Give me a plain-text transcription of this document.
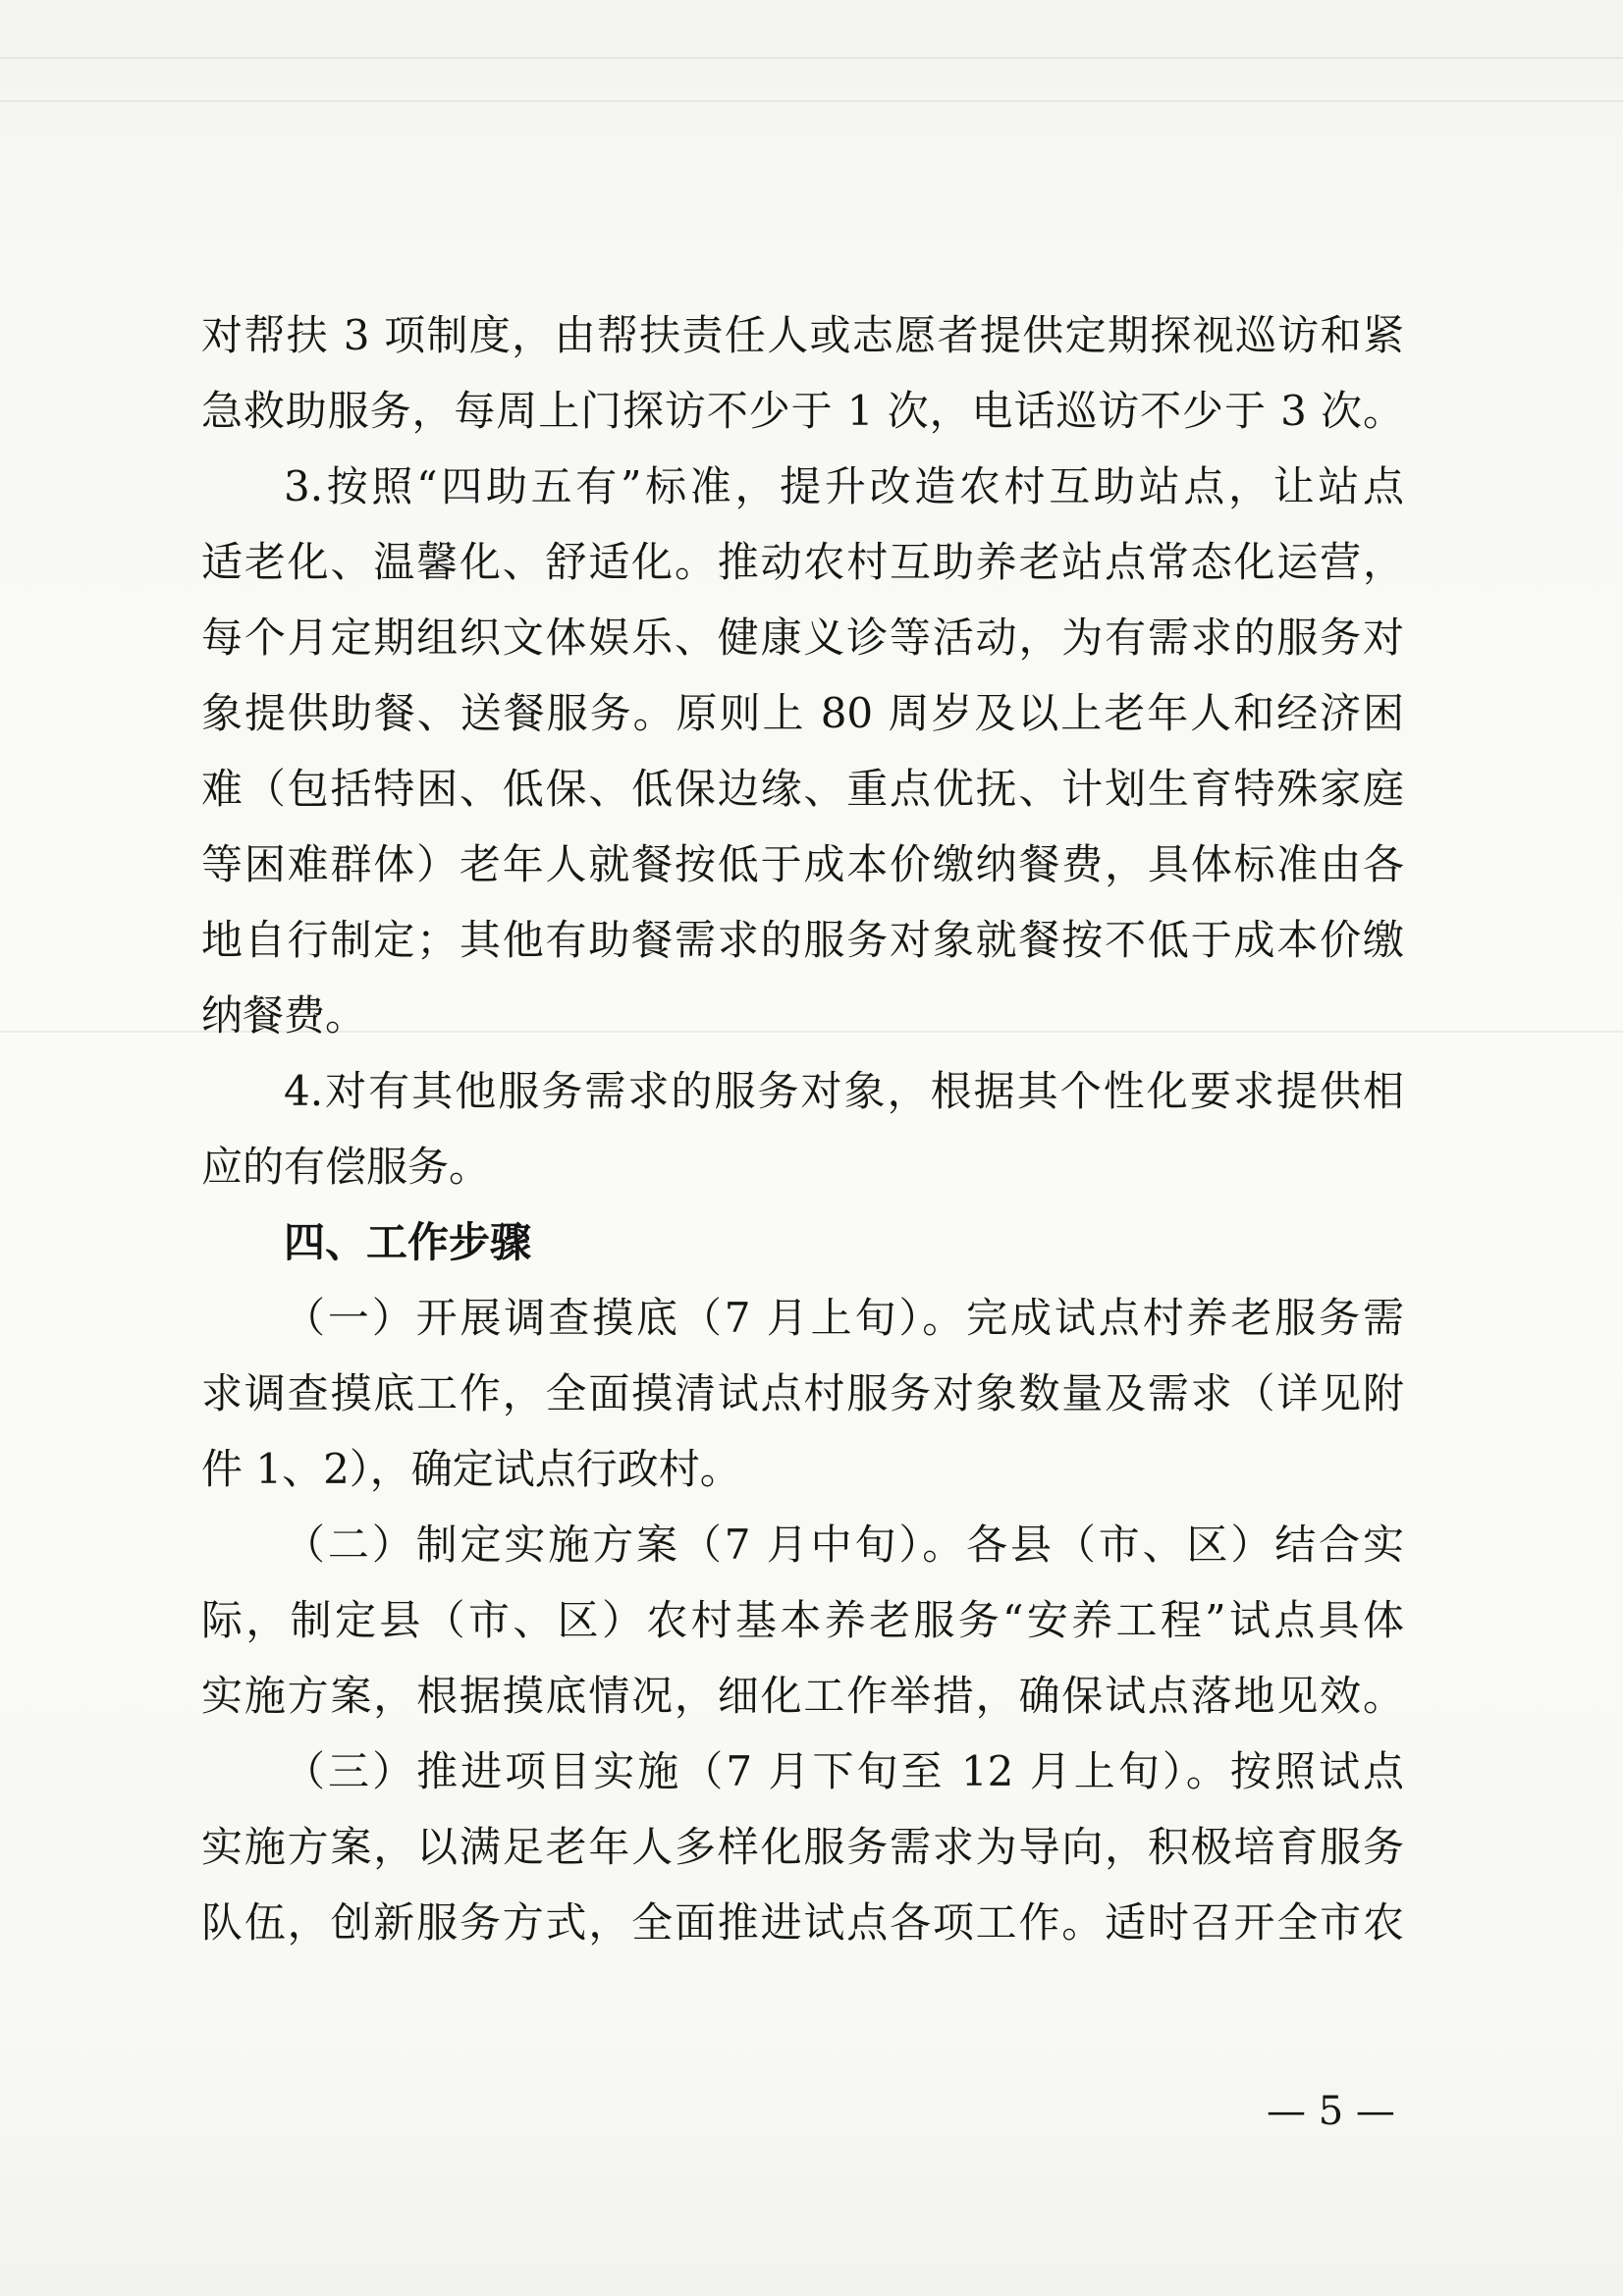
对帮扶 3 项制度，由帮扶责任人或志愿者提供定期探视巡访和紧
急救助服务，每周上门探访不少于 1 次，电话巡访不少于 3 次。
3.按照“四助五有”标准，提升改造农村互助站点，让站点
适老化、温馨化、舒适化。推动农村互助养老站点常态化运营，
每个月定期组织文体娱乐、健康义诊等活动，为有需求的服务对
象提供助餐、送餐服务。原则上 80 周岁及以上老年人和经济困
难（包括特困、低保、低保边缘、重点优抚、计划生育特殊家庭
等困难群体）老年人就餐按低于成本价缴纳餐费，具体标准由各
地自行制定；其他有助餐需求的服务对象就餐按不低于成本价缴
纳餐费。
4.对有其他服务需求的服务对象，根据其个性化要求提供相
应的有偿服务。
四、工作步骤
（一）开展调查摸底（7 月上旬）。完成试点村养老服务需
求调查摸底工作，全面摸清试点村服务对象数量及需求（详见附
件 1、2），确定试点行政村。
（二）制定实施方案（7 月中旬）。各县（市、区）结合实
际，制定县（市、区）农村基本养老服务“安养工程”试点具体
实施方案，根据摸底情况，细化工作举措，确保试点落地见效。
（三）推进项目实施（7 月下旬至 12 月上旬）。按照试点
实施方案，以满足老年人多样化服务需求为导向，积极培育服务
队伍，创新服务方式，全面推进试点各项工作。适时召开全市农
— 5 —
